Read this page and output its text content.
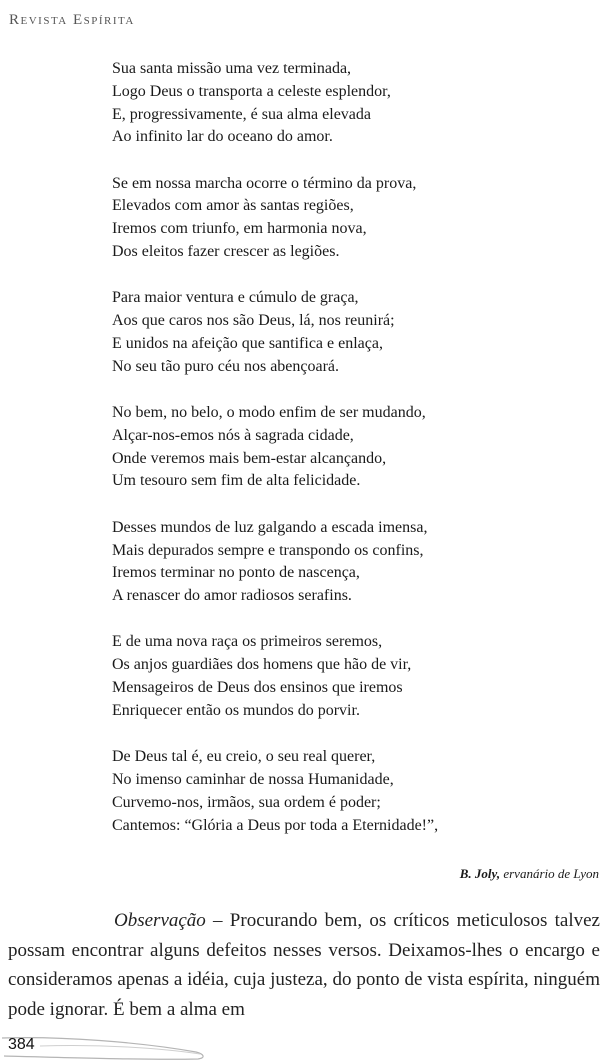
Revista Espírita
Sua santa missão uma vez terminada,
Logo Deus o transporta a celeste esplendor,
E, progressivamente, é sua alma elevada
Ao infinito lar do oceano do amor.
Se em nossa marcha ocorre o término da prova,
Elevados com amor às santas regiões,
Iremos com triunfo, em harmonia nova,
Dos eleitos fazer crescer as legiões.
Para maior ventura e cúmulo de graça,
Aos que caros nos são Deus, lá, nos reunirá;
E unidos na afeição que santifica e enlaça,
No seu tão puro céu nos abençoará.
No bem, no belo, o modo enfim de ser mudando,
Alçar-nos-emos nós à sagrada cidade,
Onde veremos mais bem-estar alcançando,
Um tesouro sem fim de alta felicidade.
Desses mundos de luz galgando a escada imensa,
Mais depurados sempre e transpondo os confins,
Iremos terminar no ponto de nascença,
A renascer do amor radiosos serafins.
E de uma nova raça os primeiros seremos,
Os anjos guardiães dos homens que hão de vir,
Mensageiros de Deus dos ensinos que iremos
Enriquecer então os mundos do porvir.
De Deus tal é, eu creio, o seu real querer,
No imenso caminhar de nossa Humanidade,
Curvemo-nos, irmãos, sua ordem é poder;
Cantemos: “Glória a Deus por toda a Eternidade!”,
B. Joly, ervanário de Lyon

Observação – Procurando bem, os críticos meticulosos talvez possam encontrar alguns defeitos nesses versos. Deixamos-lhes o encargo e consideramos apenas a idéia, cuja justeza, do ponto de vista espírita, ninguém pode ignorar. É bem a alma em

384
